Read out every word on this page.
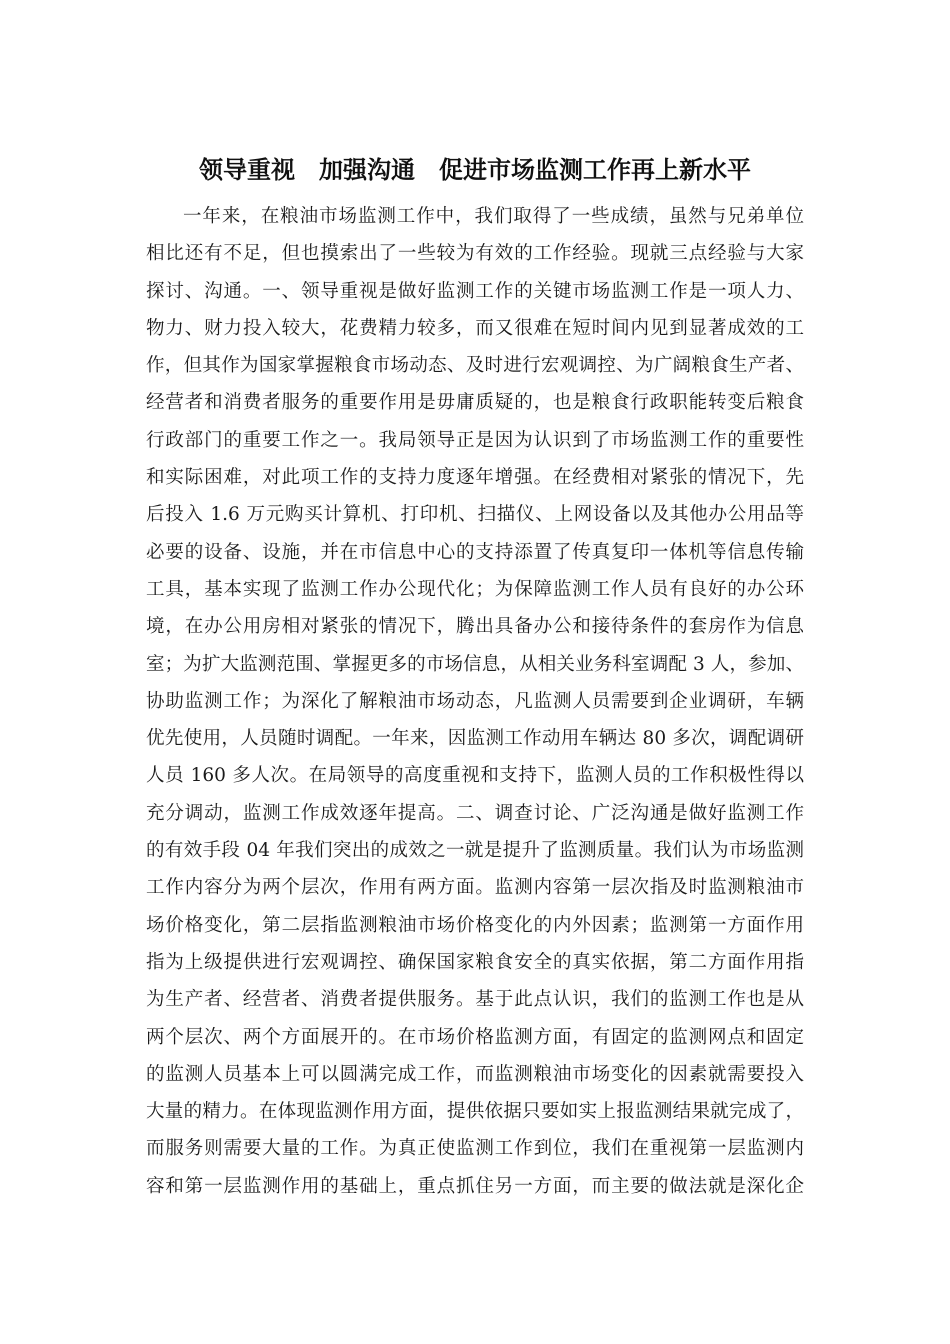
领导重视　加强沟通　促进市场监测工作再上新水平
一年来，在粮油市场监测工作中，我们取得了一些成绩，虽然与兄弟单位
相比还有不足，但也摸索出了一些较为有效的工作经验。现就三点经验与大家
探讨、沟通。一、领导重视是做好监测工作的关键市场监测工作是一项人力、
物力、财力投入较大，花费精力较多，而又很难在短时间内见到显著成效的工
作，但其作为国家掌握粮食市场动态、及时进行宏观调控、为广阔粮食生产者、
经营者和消费者服务的重要作用是毋庸质疑的，也是粮食行政职能转变后粮食
行政部门的重要工作之一。我局领导正是因为认识到了市场监测工作的重要性
和实际困难，对此项工作的支持力度逐年增强。在经费相对紧张的情况下，先
后投入 1.6 万元购买计算机、打印机、扫描仪、上网设备以及其他办公用品等
必要的设备、设施，并在市信息中心的支持添置了传真复印一体机等信息传输
工具，基本实现了监测工作办公现代化；为保障监测工作人员有良好的办公环
境，在办公用房相对紧张的情况下，腾出具备办公和接待条件的套房作为信息
室；为扩大监测范围、掌握更多的市场信息，从相关业务科室调配 3 人，参加、
协助监测工作；为深化了解粮油市场动态，凡监测人员需要到企业调研，车辆
优先使用，人员随时调配。一年来，因监测工作动用车辆达 80 多次，调配调研
人员 160 多人次。在局领导的高度重视和支持下，监测人员的工作积极性得以
充分调动，监测工作成效逐年提高。二、调查讨论、广泛沟通是做好监测工作
的有效手段 04 年我们突出的成效之一就是提升了监测质量。我们认为市场监测
工作内容分为两个层次，作用有两方面。监测内容第一层次指及时监测粮油市
场价格变化，第二层指监测粮油市场价格变化的内外因素；监测第一方面作用
指为上级提供进行宏观调控、确保国家粮食安全的真实依据，第二方面作用指
为生产者、经营者、消费者提供服务。基于此点认识，我们的监测工作也是从
两个层次、两个方面展开的。在市场价格监测方面，有固定的监测网点和固定
的监测人员基本上可以圆满完成工作，而监测粮油市场变化的因素就需要投入
大量的精力。在体现监测作用方面，提供依据只要如实上报监测结果就完成了，
而服务则需要大量的工作。为真正使监测工作到位，我们在重视第一层监测内
容和第一层监测作用的基础上，重点抓住另一方面，而主要的做法就是深化企
